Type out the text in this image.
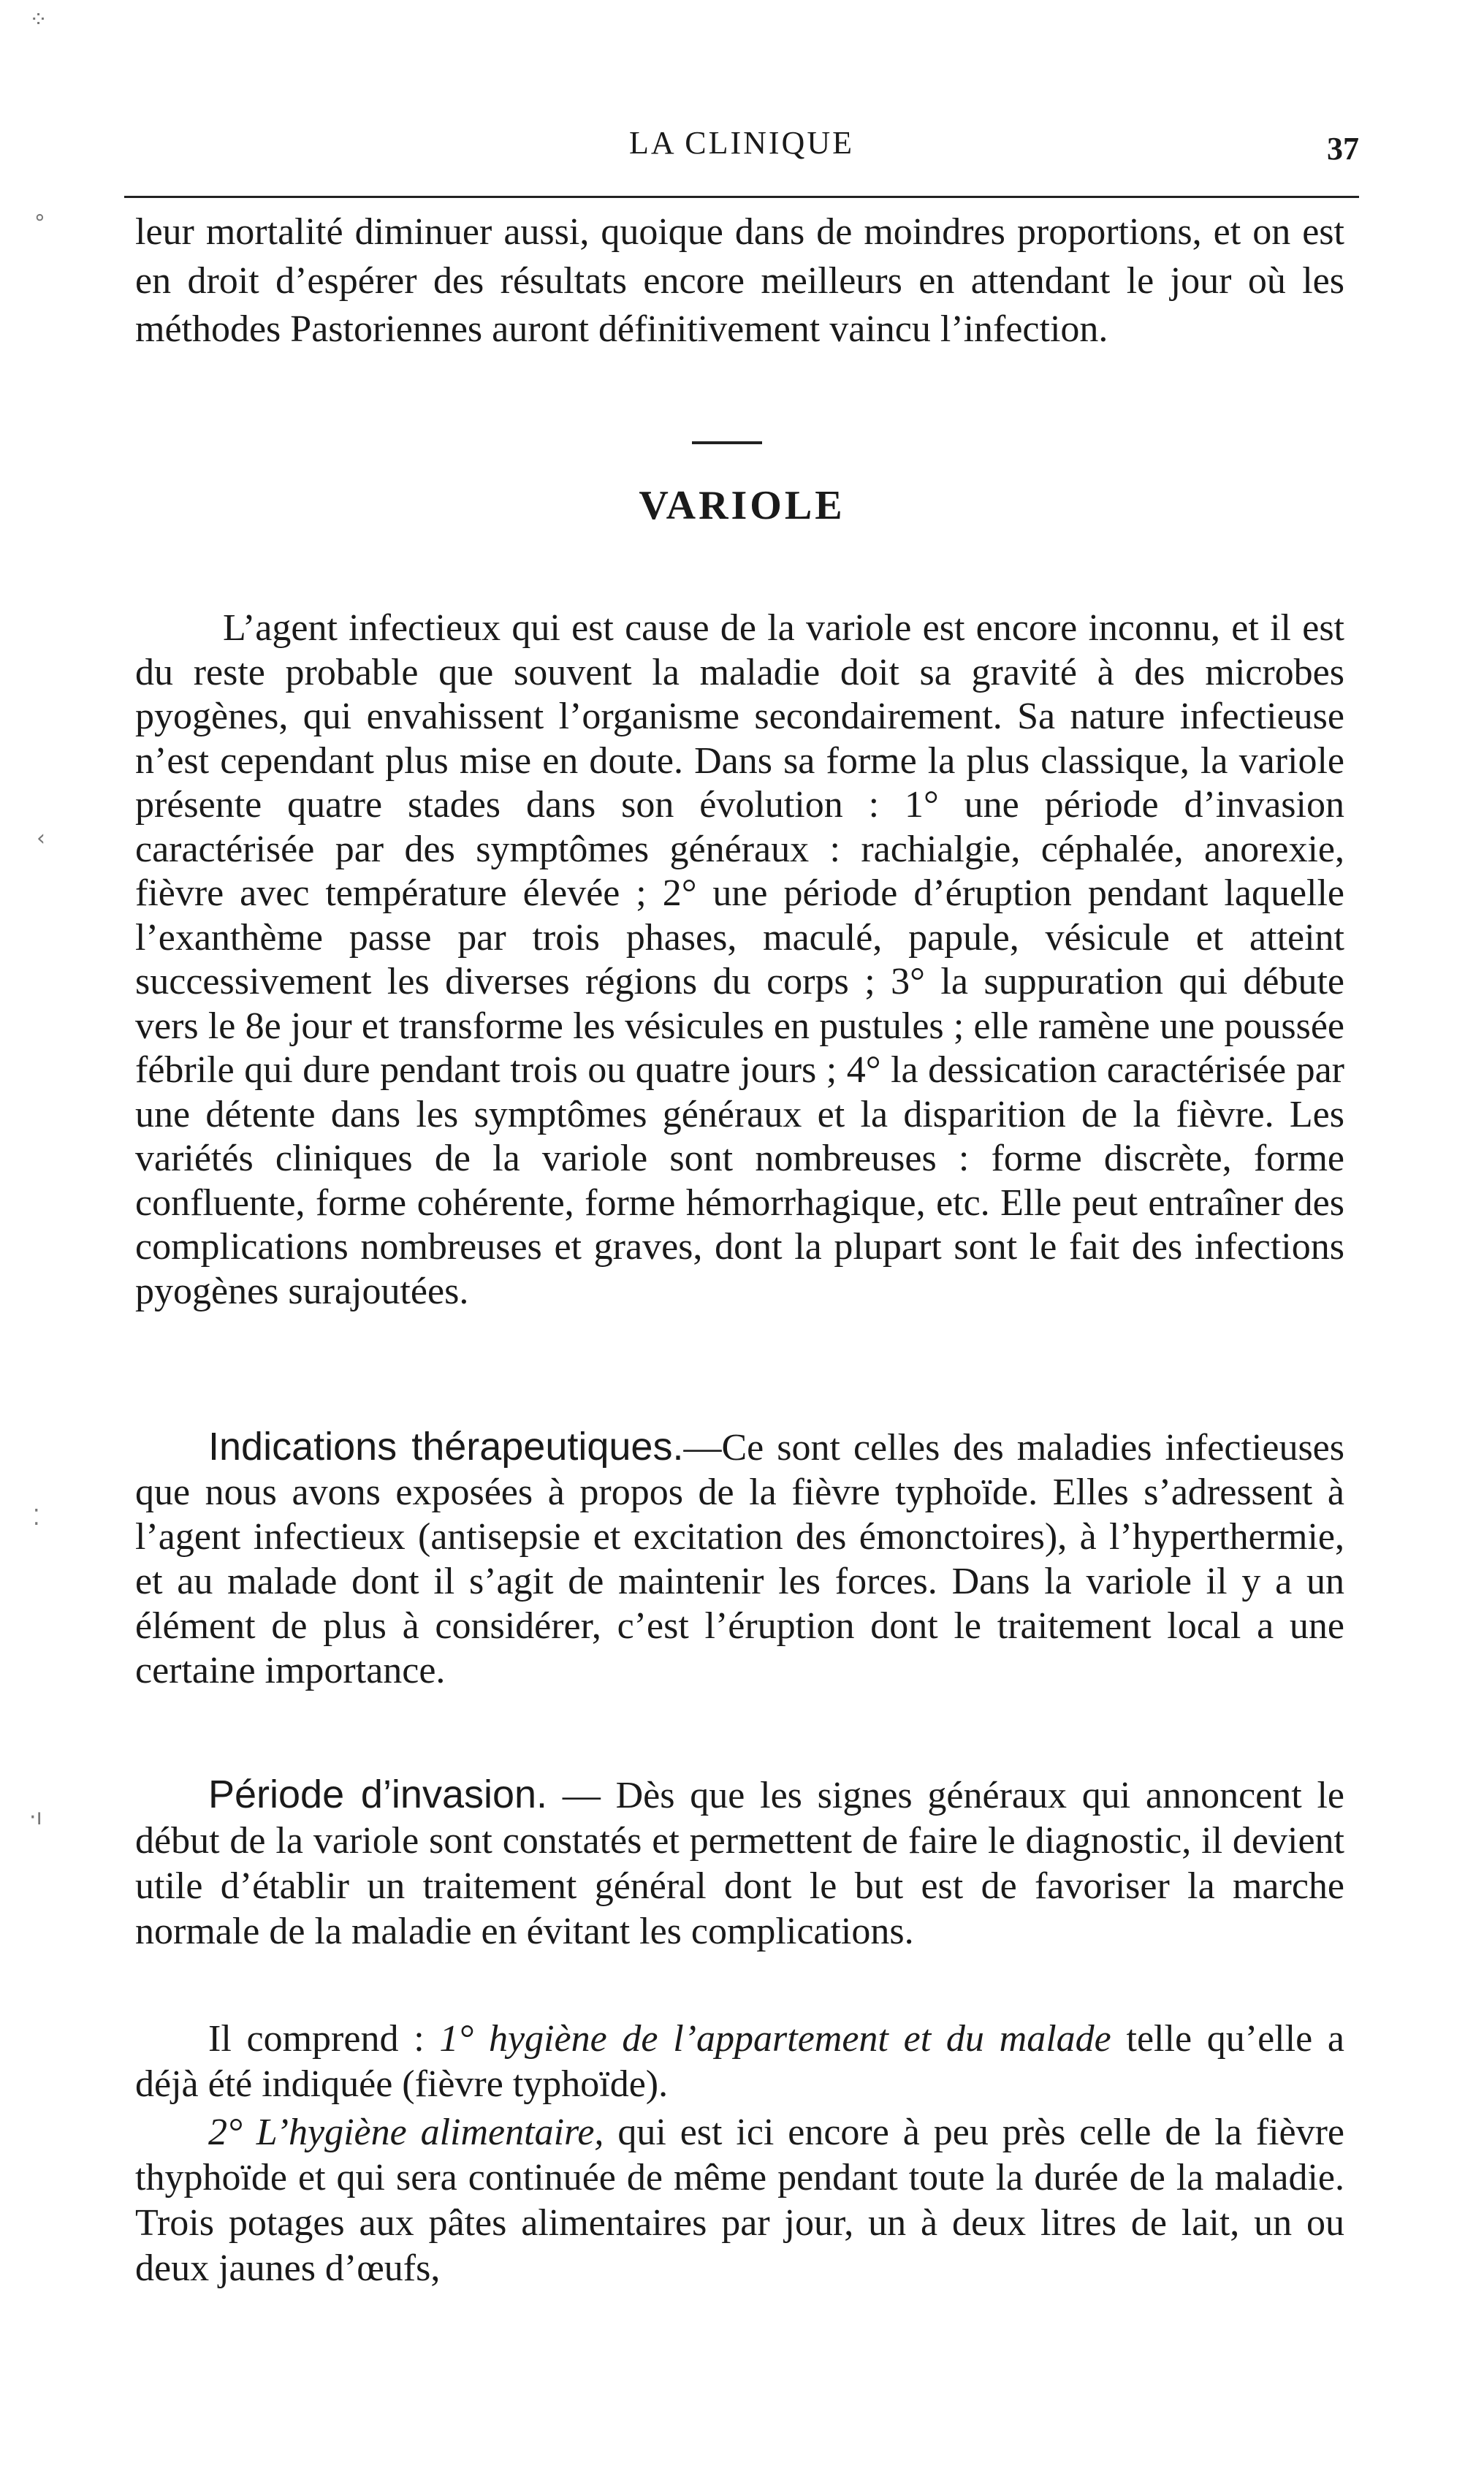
⁘
∘
‹
⁚
·ı
LA CLINIQUE	37

leur mortalité diminuer aussi, quoique dans de moindres proportions, et on est en droit d’espérer des résultats encore meilleurs en attendant le jour où les méthodes Pastoriennes auront définitivement vaincu l’infection.

VARIOLE

L’agent infectieux qui est cause de la variole est encore inconnu, et il est du reste probable que souvent la maladie doit sa gravité à des microbes pyogènes, qui envahissent l’organisme secondairement. Sa nature infectieuse n’est cependant plus mise en doute. Dans sa forme la plus classique, la variole présente quatre stades dans son évolution : 1° une période d’invasion caractérisée par des symptômes généraux : rachialgie, céphalée, anorexie, fièvre avec température élevée ; 2° une période d’éruption pendant laquelle l’exanthème passe par trois phases, maculé, papule, vésicule et atteint successivement les diverses régions du corps ; 3° la suppuration qui débute vers le 8e jour et transforme les vésicules en pustules ; elle ramène une poussée fébrile qui dure pendant trois ou quatre jours ; 4° la dessication caractérisée par une détente dans les symptômes généraux et la disparition de la fièvre. Les variétés cliniques de la variole sont nombreuses : forme discrète, forme confluente, forme cohérente, forme hémorrhagique, etc. Elle peut entraîner des complications nombreuses et graves, dont la plupart sont le fait des infections pyogènes surajoutées.

Indications thérapeutiques.—Ce sont celles des maladies infectieuses que nous avons exposées à propos de la fièvre typhoïde. Elles s’adressent à l’agent infectieux (antisepsie et excitation des émonctoires), à l’hyperthermie, et au malade dont il s’agit de maintenir les forces. Dans la variole il y a un élément de plus à considérer, c’est l’éruption dont le traitement local a une certaine importance.

Période d’invasion. — Dès que les signes généraux qui annoncent le début de la variole sont constatés et permettent de faire le diagnostic, il devient utile d’établir un traitement général dont le but est de favoriser la marche normale de la maladie en évitant les complications.

Il comprend : 1° hygiène de l’appartement et du malade telle qu’elle a déjà été indiquée (fièvre typhoïde).

2° L’hygiène alimentaire, qui est ici encore à peu près celle de la fièvre thyphoïde et qui sera continuée de même pendant toute la durée de la maladie. Trois potages aux pâtes alimentaires par jour, un à deux litres de lait, un ou deux jaunes d’œufs,
